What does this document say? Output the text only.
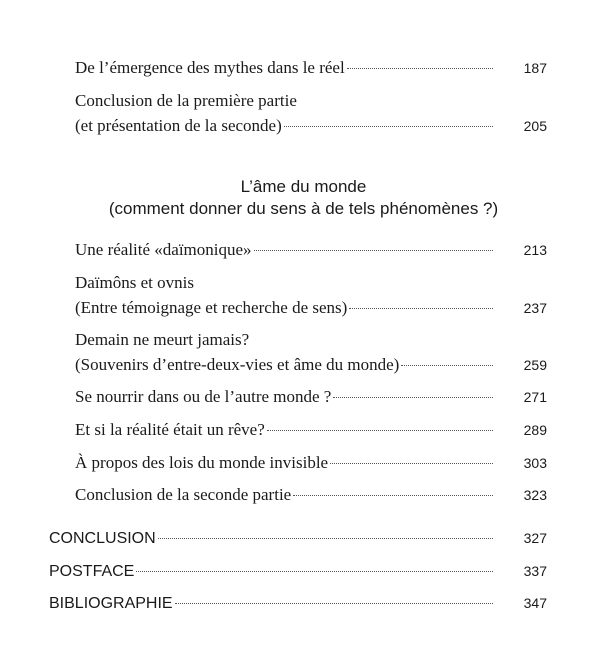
De l’émergence des mythes dans le réel	187
Conclusion de la première partie
(et présentation de la seconde)	205
L’âme du monde
(comment donner du sens à de tels phénomènes ?)
Une réalité «daïmonique»	213
Daïmôns et ovnis
(Entre témoignage et recherche de sens)	237
Demain ne meurt jamais?
(Souvenirs d’entre-deux-vies et âme du monde)	259
Se nourrir dans ou de l’autre monde ?	271
Et si la réalité était un rêve?	289
À propos des lois du monde invisible	303
Conclusion de la seconde partie	323
CONCLUSION	327
POSTFACE	337
BIBLIOGRAPHIE	347
